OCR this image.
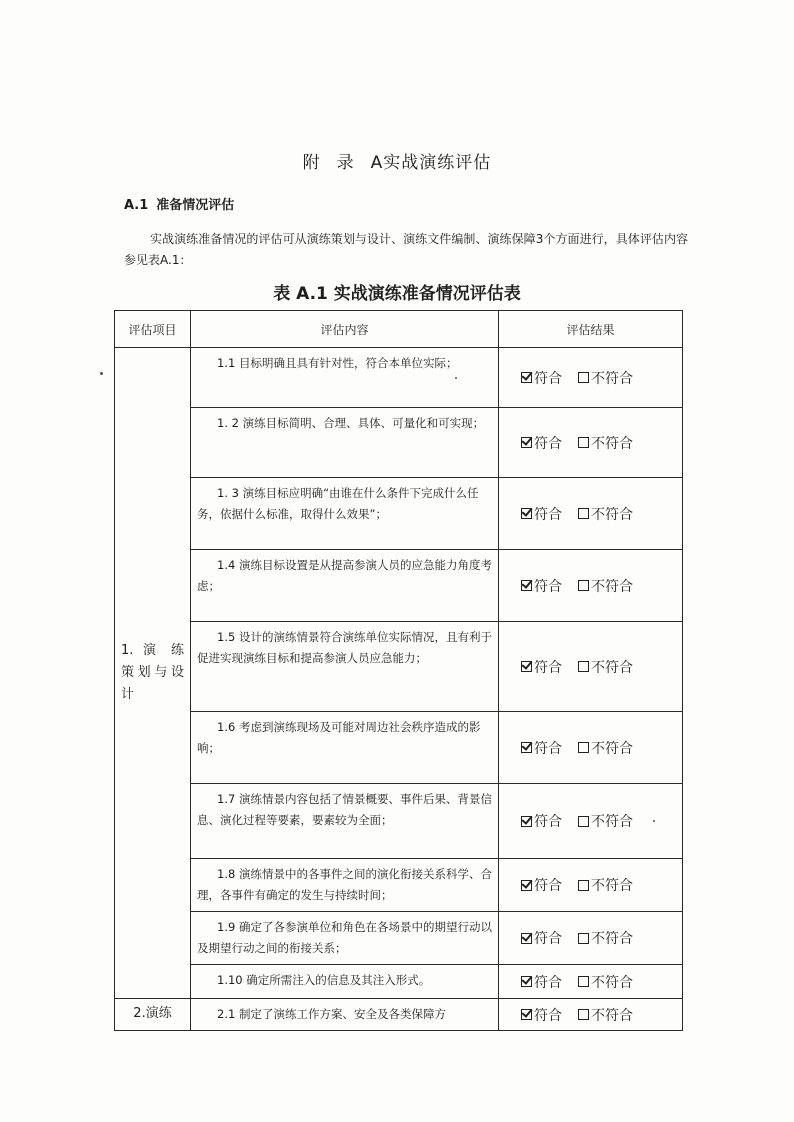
附 录 A实战演练评估
A.1 准备情况评估
实战演练准备情况的评估可从演练策划与设计、演练文件编制、演练保障3个方面进行，具体评估内容参见表A.1：
表 A.1 实战演练准备情况评估表
评估项目	评估内容	评估结果
1. 演 练 策划与设计	1.1 目标明确且具有针对性，符合本单位实际；	符合 不符合

	1. 2 演练目标简明、合理、具体、可量化和可实现；	符合 不符合

	1. 3 演练目标应明确“由谁在什么条件下完成什么任务，依据什么标准，取得什么效果”；	符合 不符合

	1.4 演练目标设置是从提高参演人员的应急能力角度考虑；	符合 不符合

	1.5 设计的演练情景符合演练单位实际情况，且有利于促进实现演练目标和提高参演人员应急能力；	符合 不符合

	1.6 考虑到演练现场及可能对周边社会秩序造成的影响；	符合 不符合

	1.7 演练情景内容包括了情景概要、事件后果、背景信息、演化过程等要素，要素较为全面；	符合 不符合

	1.8 演练情景中的各事件之间的演化衔接关系科学、合理，各事件有确定的发生与持续时间；	符合 不符合

	1.9 确定了各参演单位和角色在各场景中的期望行动以及期望行动之间的衔接关系；	符合 不符合

	1.10 确定所需注入的信息及其注入形式。	符合 不符合

2.演练	2.1 制定了演练工作方案、安全及各类保障方	符合 不符合
